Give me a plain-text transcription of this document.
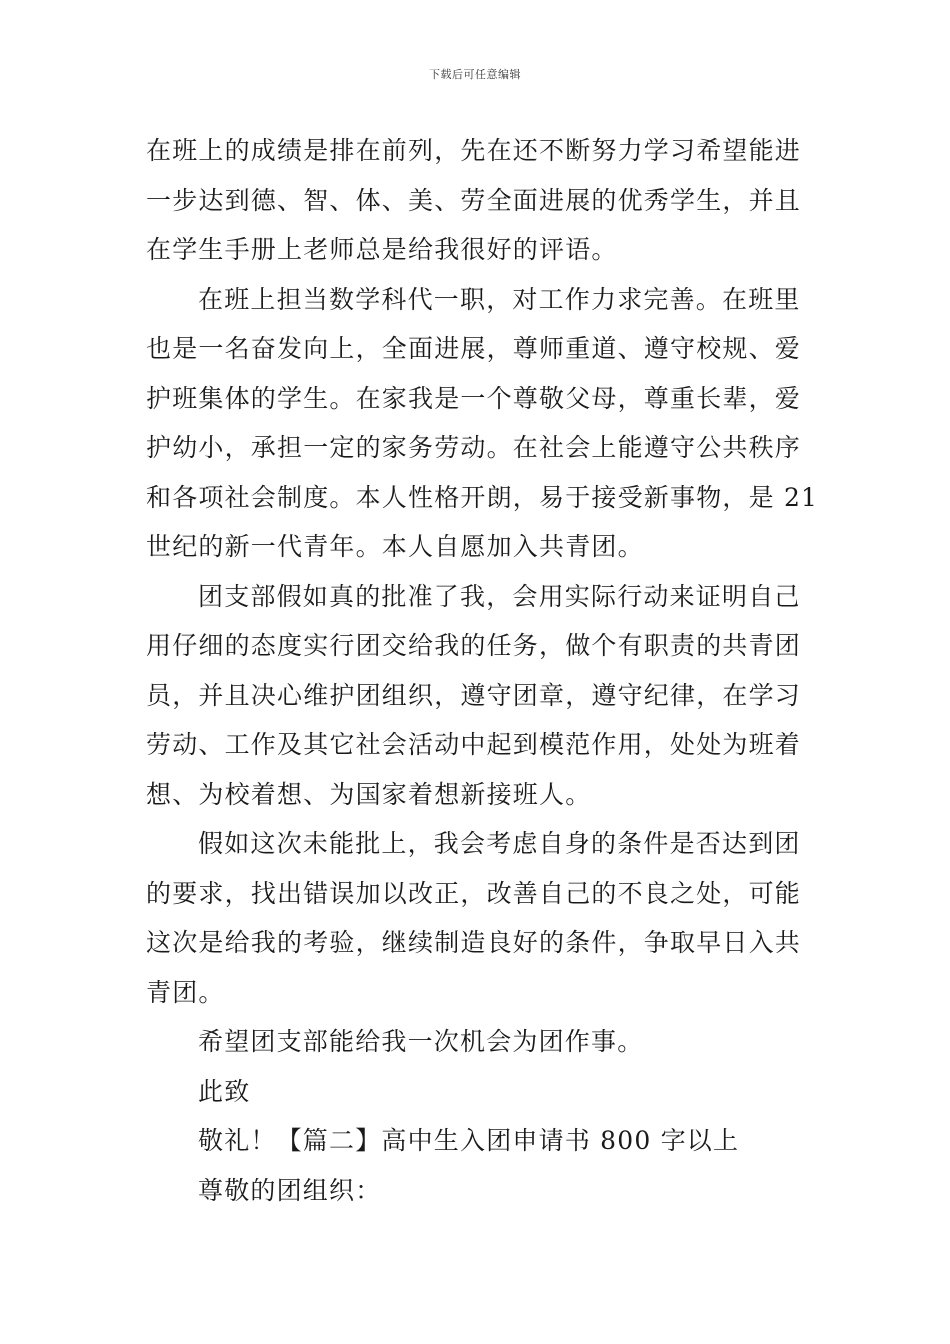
下载后可任意编辑
在班上的成绩是排在前列，先在还不断努力学习希望能进
一步达到德、智、体、美、劳全面进展的优秀学生，并且
在学生手册上老师总是给我很好的评语。
在班上担当数学科代一职，对工作力求完善。在班里
也是一名奋发向上，全面进展，尊师重道、遵守校规、爱
护班集体的学生。在家我是一个尊敬父母，尊重长辈，爱
护幼小，承担一定的家务劳动。在社会上能遵守公共秩序
和各项社会制度。本人性格开朗，易于接受新事物，是 21
世纪的新一代青年。本人自愿加入共青团。
团支部假如真的批准了我，会用实际行动来证明自己
用仔细的态度实行团交给我的任务，做个有职责的共青团
员，并且决心维护团组织，遵守团章，遵守纪律，在学习
劳动、工作及其它社会活动中起到模范作用，处处为班着
想、为校着想、为国家着想新接班人。
假如这次未能批上，我会考虑自身的条件是否达到团
的要求，找出错误加以改正，改善自己的不良之处，可能
这次是给我的考验，继续制造良好的条件，争取早日入共
青团。
希望团支部能给我一次机会为团作事。
此致
敬礼！【篇二】高中生入团申请书 800 字以上
尊敬的团组织：
